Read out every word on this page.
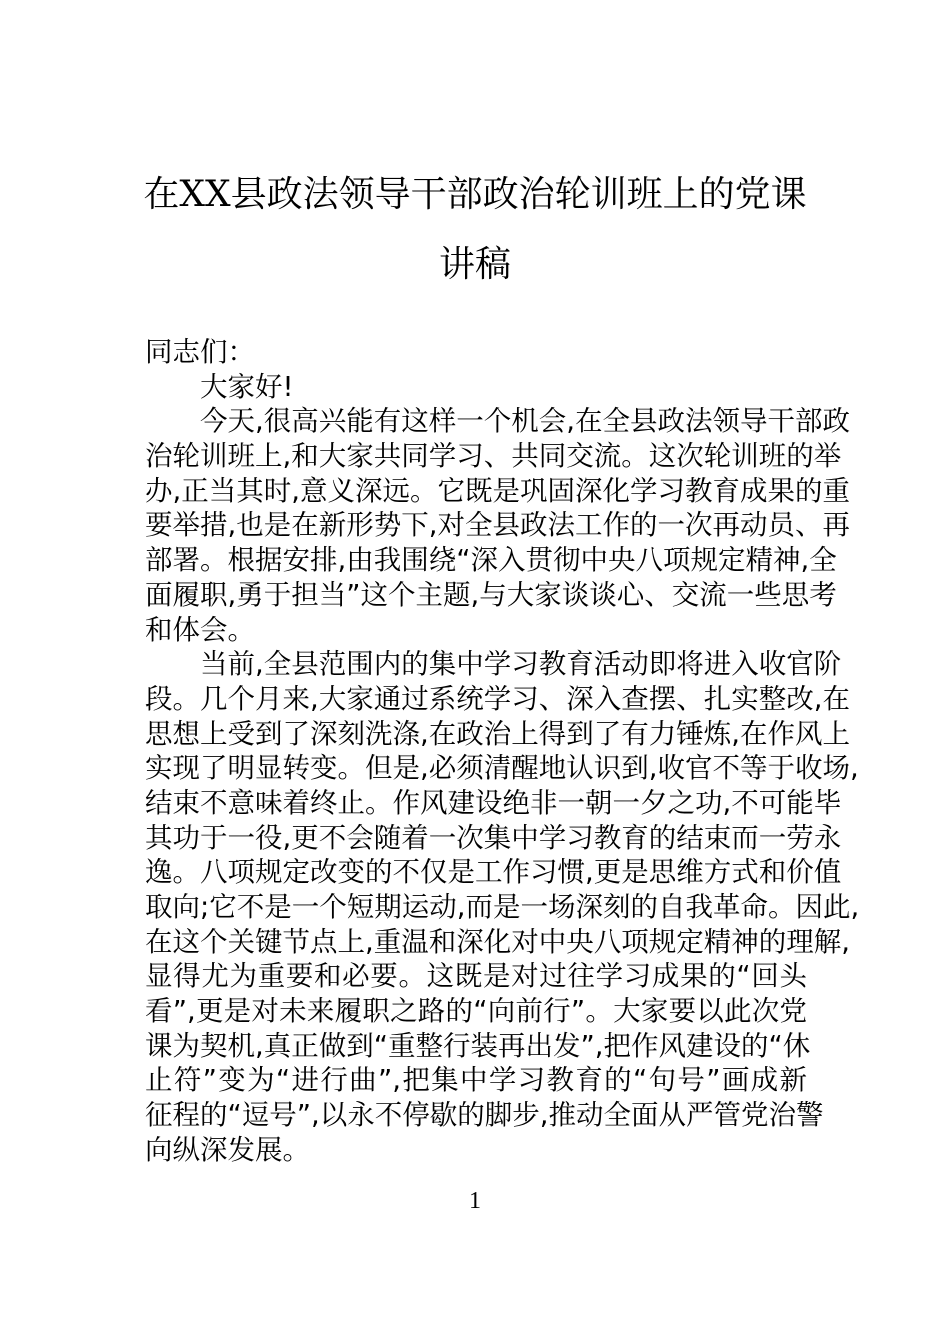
在XX县政法领导干部政治轮训班上的党课
讲稿
同志们：
大家好!
今天,很高兴能有这样一个机会,在全县政法领导干部政
治轮训班上,和大家共同学习、共同交流。这次轮训班的举
办,正当其时,意义深远。它既是巩固深化学习教育成果的重
要举措,也是在新形势下,对全县政法工作的一次再动员、再
部署。根据安排,由我围绕“深入贯彻中央八项规定精神,全
面履职,勇于担当”这个主题,与大家谈谈心、交流一些思考
和体会。
当前,全县范围内的集中学习教育活动即将进入收官阶
段。几个月来,大家通过系统学习、深入查摆、扎实整改,在
思想上受到了深刻洗涤,在政治上得到了有力锤炼,在作风上
实现了明显转变。但是,必须清醒地认识到,收官不等于收场,
结束不意味着终止。作风建设绝非一朝一夕之功,不可能毕
其功于一役,更不会随着一次集中学习教育的结束而一劳永
逸。八项规定改变的不仅是工作习惯,更是思维方式和价值
取向;它不是一个短期运动,而是一场深刻的自我革命。因此,
在这个关键节点上,重温和深化对中央八项规定精神的理解,
显得尤为重要和必要。这既是对过往学习成果的“回头
看”,更是对未来履职之路的“向前行”。大家要以此次党
课为契机,真正做到“重整行装再出发”,把作风建设的“休
止符”变为“进行曲”,把集中学习教育的“句号”画成新
征程的“逗号”,以永不停歇的脚步,推动全面从严管党治警
向纵深发展。
1
